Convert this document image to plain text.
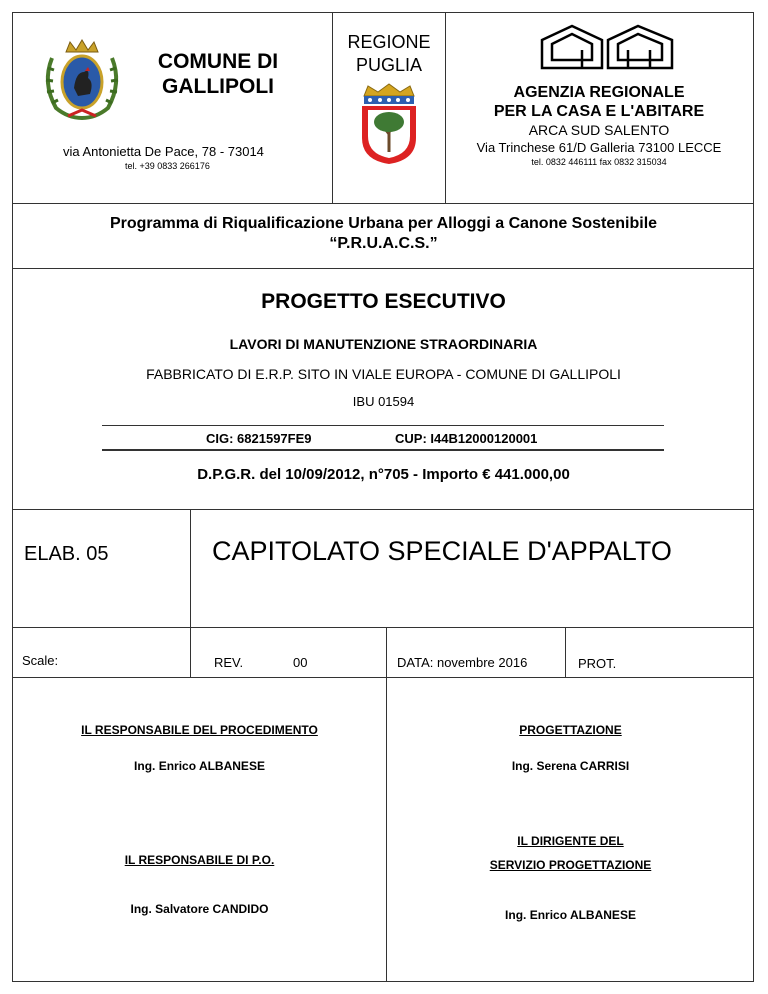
COMUNE DI
GALLIPOLI
via Antonietta De Pace, 78 - 73014
tel. +39 0833 266176
REGIONE
PUGLIA
AGENZIA REGIONALE
PER LA CASA E L'ABITARE
ARCA SUD SALENTO
Via Trinchese 61/D Galleria 73100 LECCE
tel. 0832 446111 fax 0832 315034
Programma di Riqualificazione Urbana per Alloggi a Canone Sostenibile
“P.R.U.A.C.S.”
PROGETTO ESECUTIVO
LAVORI DI MANUTENZIONE STRAORDINARIA
FABBRICATO DI E.R.P. SITO IN VIALE EUROPA - COMUNE DI GALLIPOLI
IBU 01594
CIG: 6821597FE9	CUP: I44B12000120001
D.P.G.R. del 10/09/2012, n°705 - Importo € 441.000,00
ELAB. 05	CAPITOLATO SPECIALE D'APPALTO
Scale:	REV.	00	DATA: novembre 2016	PROT.
IL RESPONSABILE DEL PROCEDIMENTO
Ing. Enrico ALBANESE
PROGETTAZIONE
Ing. Serena CARRISI
IL RESPONSABILE DI P.O.
Ing. Salvatore CANDIDO
IL DIRIGENTE DEL
SERVIZIO PROGETTAZIONE
Ing. Enrico ALBANESE
